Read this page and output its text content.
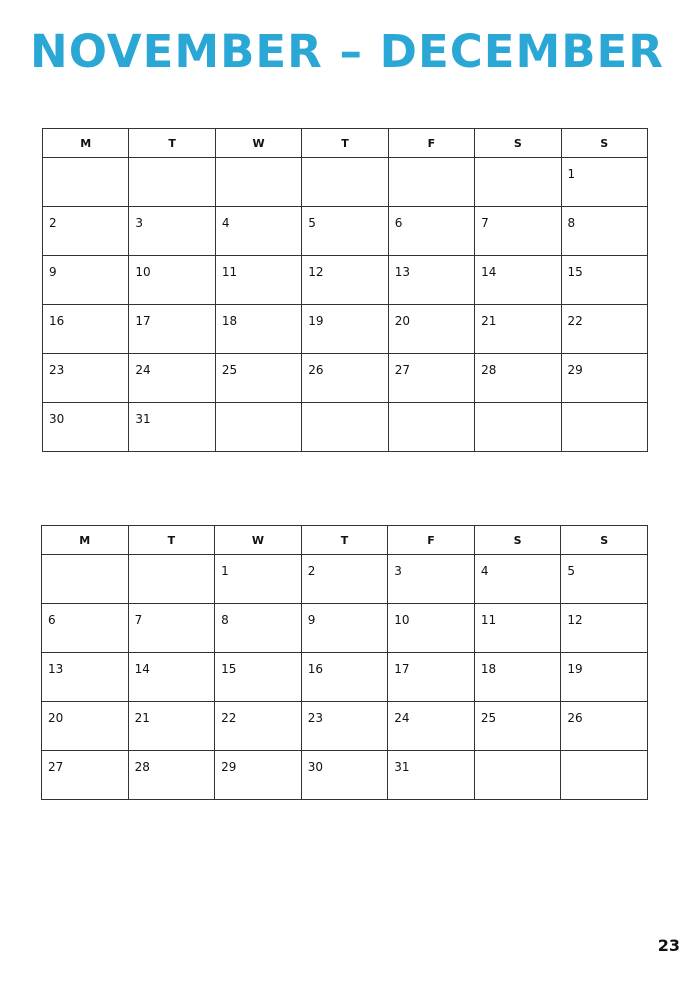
NOVEMBER – DECEMBER
M	T	W	T	F	S	S
						1
2	3	4	5	6	7	8
9	10	11	12	13	14	15
16	17	18	19	20	21	22
23	24	25	26	27	28	29
30	31					
M	T	W	T	F	S	S
		1	2	3	4	5
6	7	8	9	10	11	12
13	14	15	16	17	18	19
20	21	22	23	24	25	26
27	28	29	30	31		
23
